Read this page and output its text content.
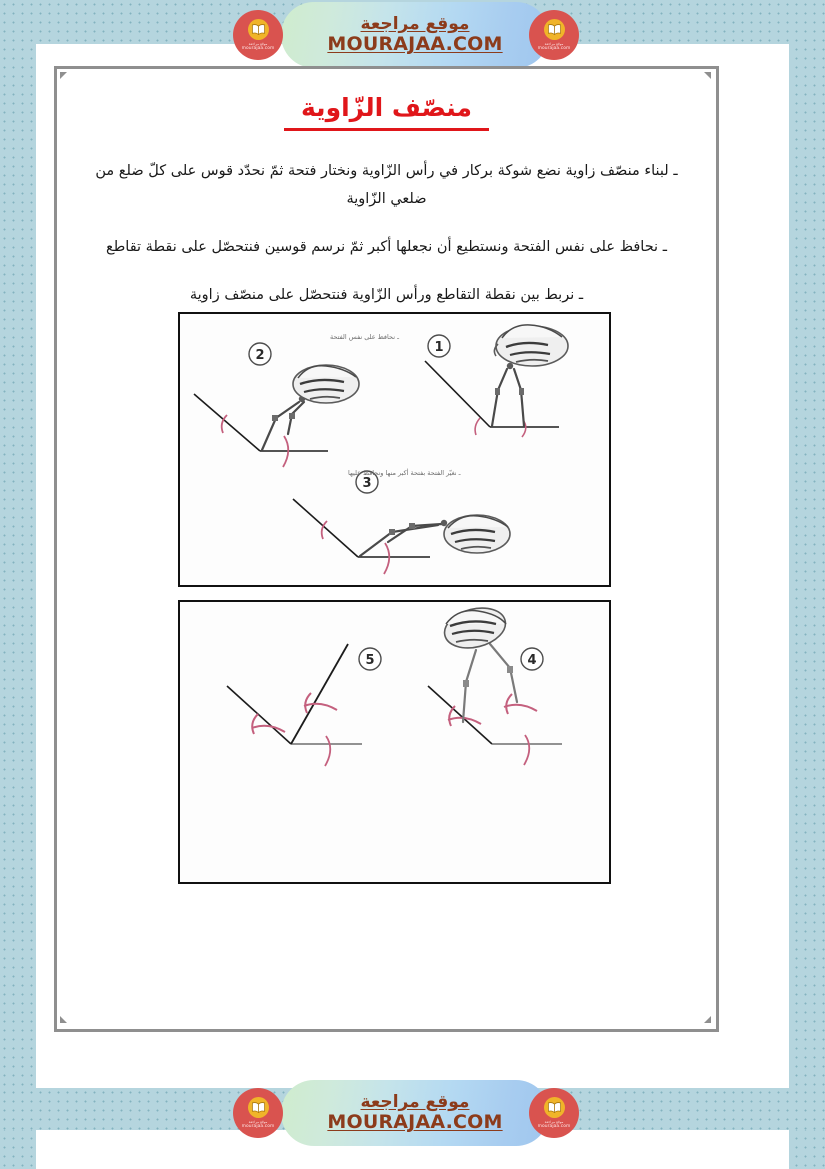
موقع مراجعة
mourajaa.com
موقع مراجعة
MOURAJAA.COM	موقع مراجعة
mourajaa.com
منصّف الزّاوية

ـ لبناء منصّف زاوية نضع شوكة بركار في رأس الزّاوية ونختار فتحة ثمّ نحدّد قوس على كلّ ضلع من ضلعي الزّاوية

ـ نحافظ على نفس الفتحة ونستطيع أن نجعلها أكبر ثمّ نرسم قوسين فنتحصّل على نقطة تقاطع

ـ نربط بين نقطة التقاطع ورأس الزّاوية فنتحصّل على منصّف زاوية

1
2
3
ـ نحافظ على نفس الفتحة
ـ نغيّر الفتحة بفتحة أكبر منها ونحافظ عليها
4
5
موقع مراجعة
mourajaa.com
موقع مراجعة
MOURAJAA.COM	موقع مراجعة
mourajaa.com
